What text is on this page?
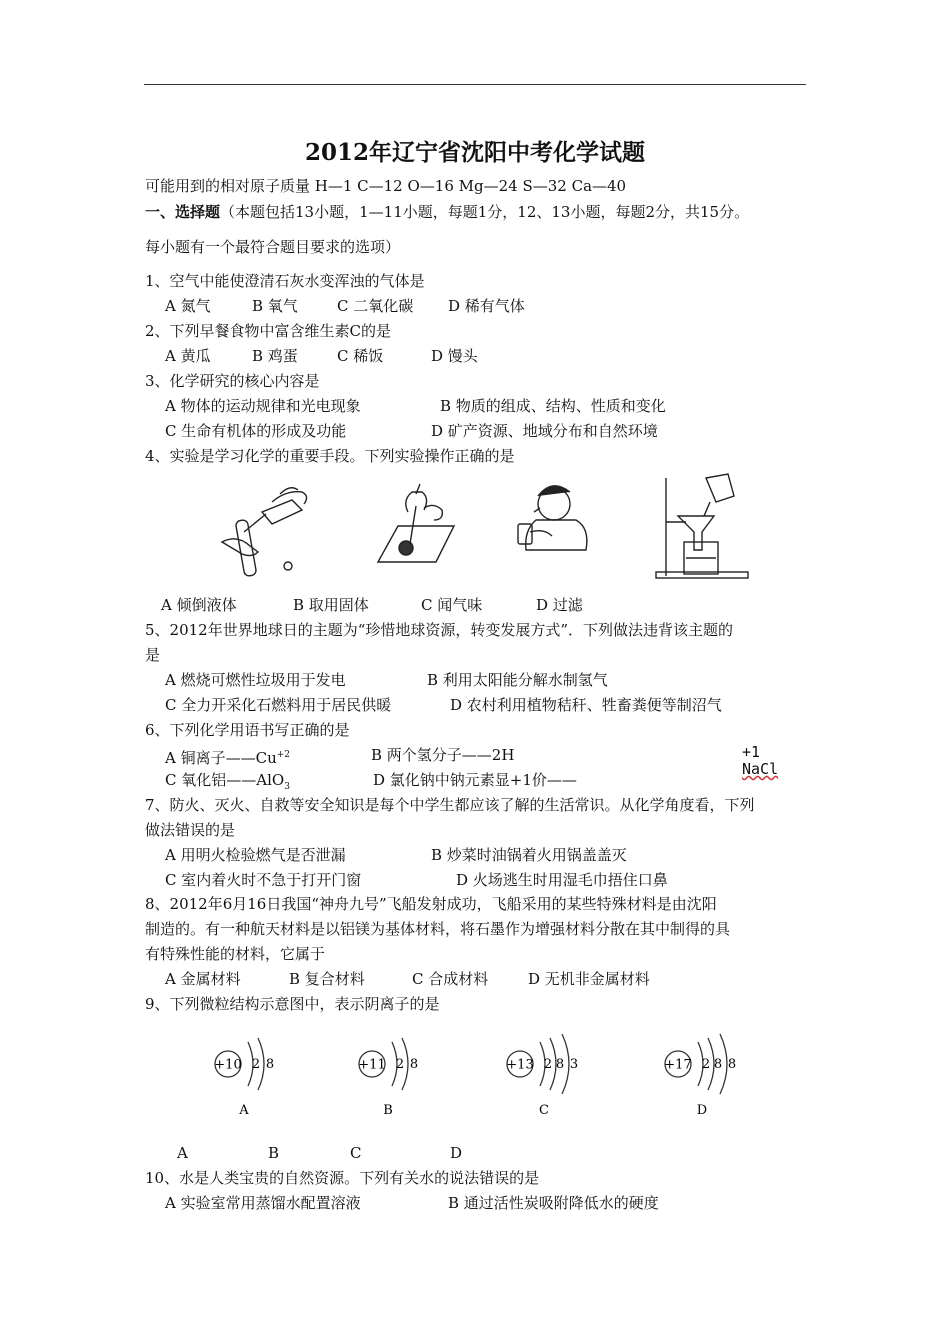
2012年辽宁省沈阳中考化学试题
可能用到的相对原子质量 H—1 C—12 O—16 Mg—24 S—32 Ca—40
一、选择题（本题包括13小题，1—11小题，每题1分，12、13小题，每题2分，共15分。
每小题有一个最符合题目要求的选项）
1、空气中能使澄清石灰水变浑浊的气体是
A 氮气	B 氧气	C 二氧化碳 D 稀有气体
2、下列早餐食物中富含维生素C的是
A 黄瓜	B 鸡蛋	C 稀饭	D 馒头
3、化学研究的核心内容是
A 物体的运动规律和光电现象	B 物质的组成、结构、性质和变化
C 生命有机体的形成及功能	D 矿产资源、地域分布和自然环境
4、实验是学习化学的重要手段。下列实验操作正确的是
A 倾倒液体	B 取用固体	C 闻气味	D 过滤
5、2012年世界地球日的主题为“珍惜地球资源，转变发展方式”．下列做法违背该主题的
是
A 燃烧可燃性垃圾用于发电	B 利用太阳能分解水制氢气
C 全力开采化石燃料用于居民供暖	D 农村利用植物秸秆、牲畜粪便等制沼气
6、下列化学用语书写正确的是
A 铜离子$——Cu^{+2}$	B 两个氢分子——2H
C 氧化铝——AlO$_3$	D 氯化钠中钠元素显+1价——
+1
NaCl
7、防火、灭火、自救等安全知识是每个中学生都应该了解的生活常识。从化学角度看，下列
做法错误的是
A 用明火检验燃气是否泄漏	B 炒菜时油锅着火用锅盖盖灭
C 室内着火时不急于打开门窗	D 火场逃生时用湿毛巾捂住口鼻
8、2012年6月16日我国“神舟九号”飞船发射成功，飞船采用的某些特殊材料是由沈阳
制造的。有一种航天材料是以铝镁为基体材料，将石墨作为增强材料分散在其中制得的具
有特殊性能的材料，它属于
A 金属材料	B 复合材料	C 合成材料	D 无机非金属材料
9、下列微粒结构示意图中，表示阴离子的是
+10 2 8
A
+11 2 8
B
+13 2 8 3
C
+17 2 8 8
D
A	B	C	D
10、水是人类宝贵的自然资源。下列有关水的说法错误的是
A 实验室常用蒸馏水配置溶液	B 通过活性炭吸附降低水的硬度
